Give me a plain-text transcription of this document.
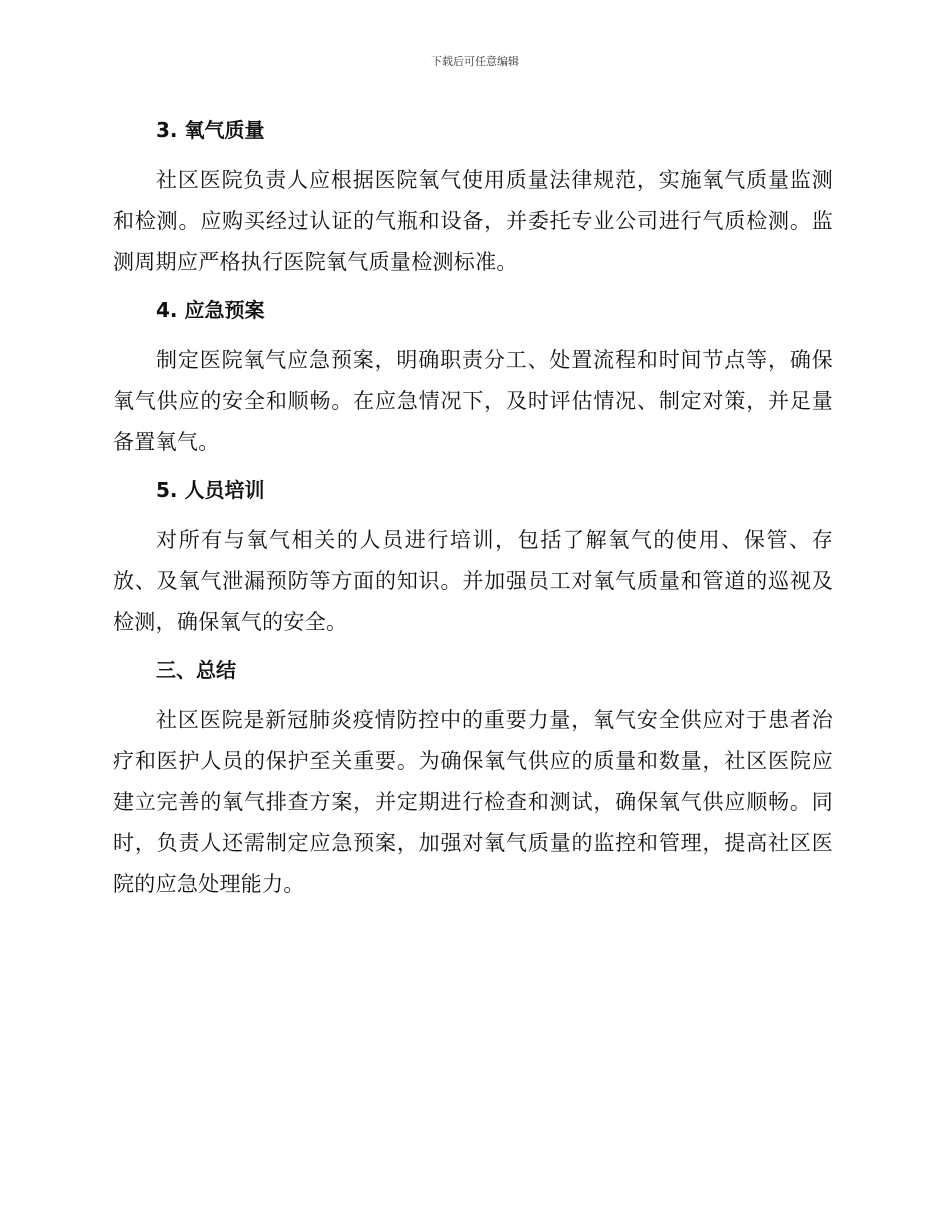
下载后可任意编辑
3. 氧气质量

社区医院负责人应根据医院氧气使用质量法律规范，实施氧气质量监测和检测。应购买经过认证的气瓶和设备，并委托专业公司进行气质检测。监测周期应严格执行医院氧气质量检测标准。

4. 应急预案

制定医院氧气应急预案，明确职责分工、处置流程和时间节点等，确保氧气供应的安全和顺畅。在应急情况下，及时评估情况、制定对策，并足量备置氧气。

5. 人员培训

对所有与氧气相关的人员进行培训，包括了解氧气的使用、保管、存放、及氧气泄漏预防等方面的知识。并加强员工对氧气质量和管道的巡视及检测，确保氧气的安全。

三、总结

社区医院是新冠肺炎疫情防控中的重要力量，氧气安全供应对于患者治疗和医护人员的保护至关重要。为确保氧气供应的质量和数量，社区医院应建立完善的氧气排查方案，并定期进行检查和测试，确保氧气供应顺畅。同时，负责人还需制定应急预案，加强对氧气质量的监控和管理，提高社区医院的应急处理能力。
